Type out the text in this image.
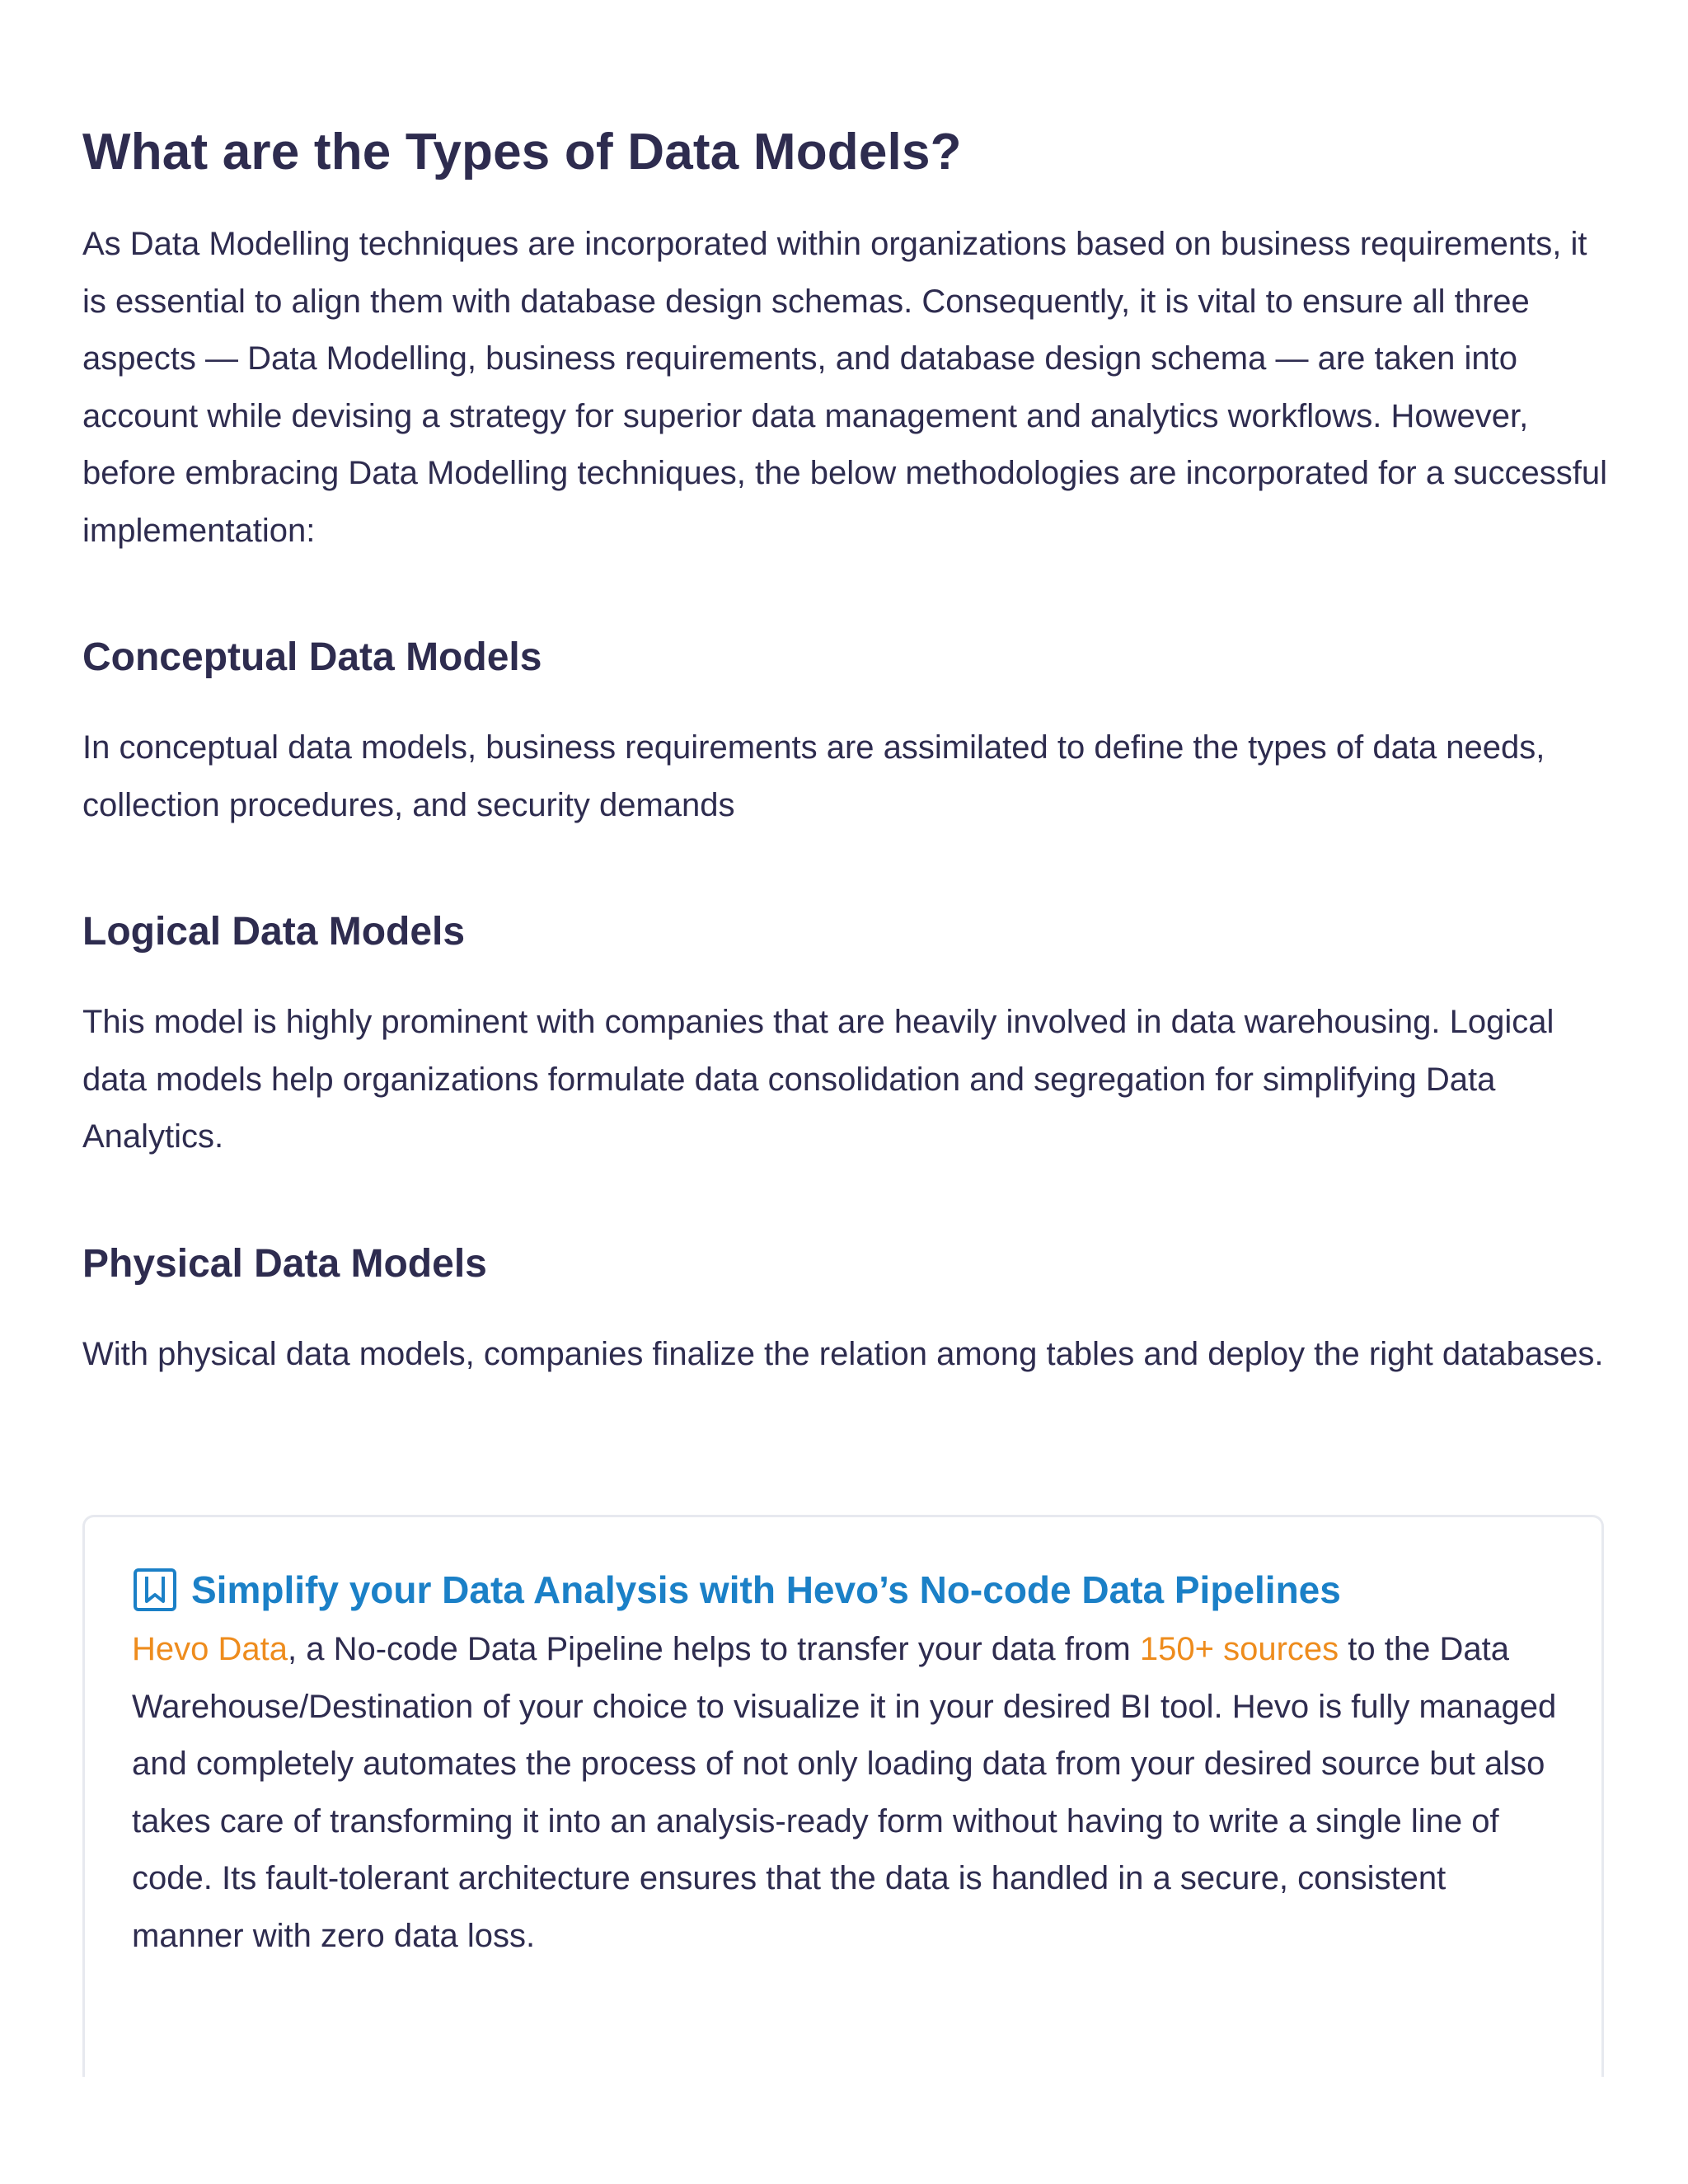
What are the Types of Data Models?

As Data Modelling techniques are incorporated within organizations based on business requirements, it is essential to align them with database design schemas. Consequently, it is vital to ensure all three aspects — Data Modelling, business requirements, and database design schema — are taken into account while devising a strategy for superior data management and analytics workflows. However, before embracing Data Modelling techniques, the below methodologies are incorporated for a successful implementation:

Conceptual Data Models

In conceptual data models, business requirements are assimilated to define the types of data needs, collection procedures, and security demands

Logical Data Models

This model is highly prominent with companies that are heavily involved in data warehousing. Logical data models help organizations formulate data consolidation and segregation for simplifying Data Analytics.

Physical Data Models

With physical data models, companies finalize the relation among tables and deploy the right databases.

Simplify your Data Analysis with Hevo’s No-code Data Pipelines

Hevo Data, a No-code Data Pipeline helps to transfer your data from 150+ sources to the Data Warehouse/Destination of your choice to visualize it in your desired BI tool. Hevo is fully managed and completely automates the process of not only loading data from your desired source but also takes care of transforming it into an analysis-ready form without having to write a single line of code. Its fault-tolerant architecture ensures that the data is handled in a secure, consistent manner with zero data loss.
